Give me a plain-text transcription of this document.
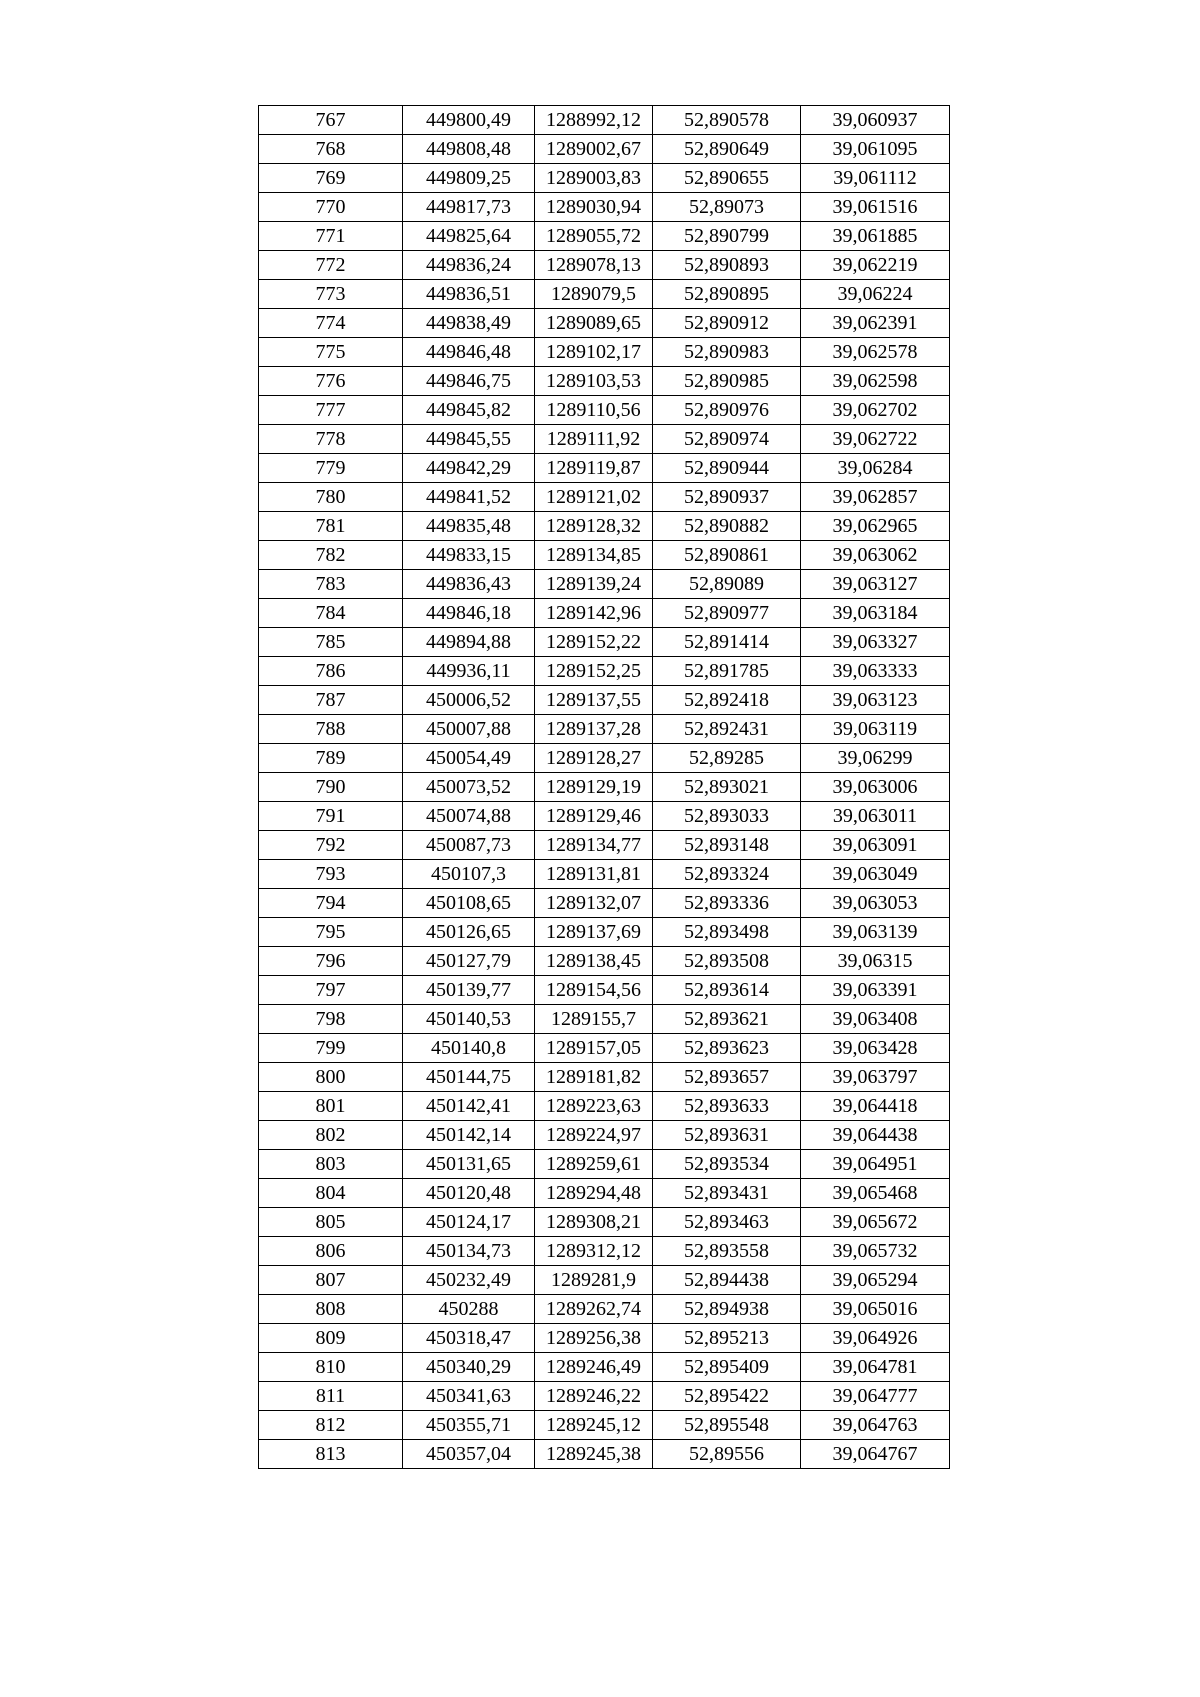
767	449800,49	1288992,12	52,890578	39,060937
768	449808,48	1289002,67	52,890649	39,061095
769	449809,25	1289003,83	52,890655	39,061112
770	449817,73	1289030,94	52,89073	39,061516
771	449825,64	1289055,72	52,890799	39,061885
772	449836,24	1289078,13	52,890893	39,062219
773	449836,51	1289079,5	52,890895	39,06224
774	449838,49	1289089,65	52,890912	39,062391
775	449846,48	1289102,17	52,890983	39,062578
776	449846,75	1289103,53	52,890985	39,062598
777	449845,82	1289110,56	52,890976	39,062702
778	449845,55	1289111,92	52,890974	39,062722
779	449842,29	1289119,87	52,890944	39,06284
780	449841,52	1289121,02	52,890937	39,062857
781	449835,48	1289128,32	52,890882	39,062965
782	449833,15	1289134,85	52,890861	39,063062
783	449836,43	1289139,24	52,89089	39,063127
784	449846,18	1289142,96	52,890977	39,063184
785	449894,88	1289152,22	52,891414	39,063327
786	449936,11	1289152,25	52,891785	39,063333
787	450006,52	1289137,55	52,892418	39,063123
788	450007,88	1289137,28	52,892431	39,063119
789	450054,49	1289128,27	52,89285	39,06299
790	450073,52	1289129,19	52,893021	39,063006
791	450074,88	1289129,46	52,893033	39,063011
792	450087,73	1289134,77	52,893148	39,063091
793	450107,3	1289131,81	52,893324	39,063049
794	450108,65	1289132,07	52,893336	39,063053
795	450126,65	1289137,69	52,893498	39,063139
796	450127,79	1289138,45	52,893508	39,06315
797	450139,77	1289154,56	52,893614	39,063391
798	450140,53	1289155,7	52,893621	39,063408
799	450140,8	1289157,05	52,893623	39,063428
800	450144,75	1289181,82	52,893657	39,063797
801	450142,41	1289223,63	52,893633	39,064418
802	450142,14	1289224,97	52,893631	39,064438
803	450131,65	1289259,61	52,893534	39,064951
804	450120,48	1289294,48	52,893431	39,065468
805	450124,17	1289308,21	52,893463	39,065672
806	450134,73	1289312,12	52,893558	39,065732
807	450232,49	1289281,9	52,894438	39,065294
808	450288	1289262,74	52,894938	39,065016
809	450318,47	1289256,38	52,895213	39,064926
810	450340,29	1289246,49	52,895409	39,064781
811	450341,63	1289246,22	52,895422	39,064777
812	450355,71	1289245,12	52,895548	39,064763
813	450357,04	1289245,38	52,89556	39,064767
